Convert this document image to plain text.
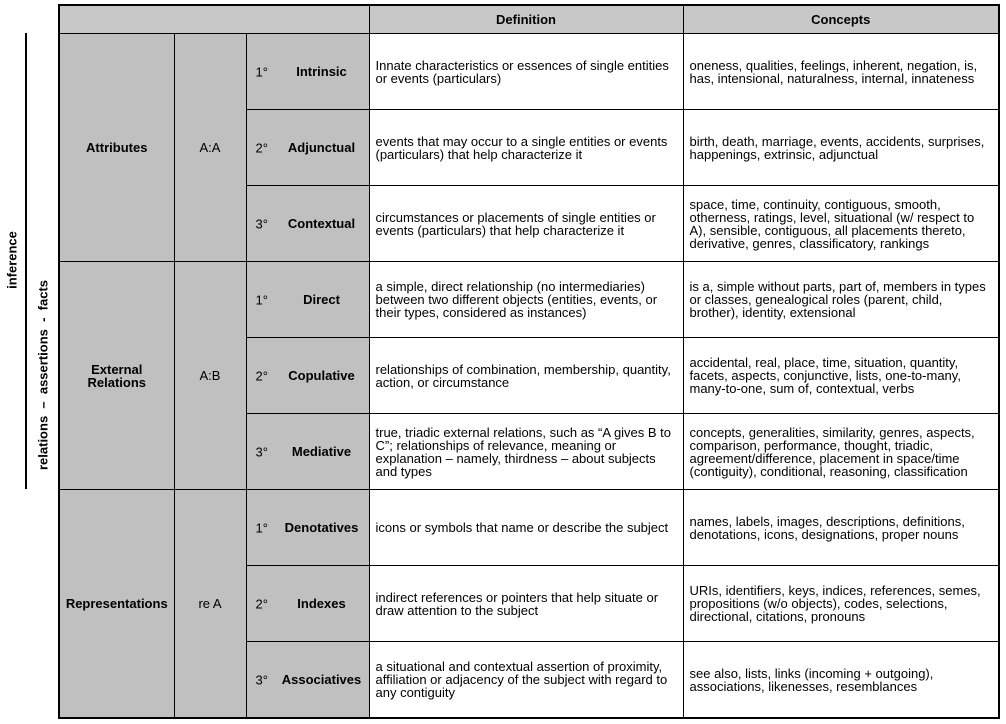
inference
relations  –  assertions  -  facts
			Definition	Concepts
Attributes	A:A	1° Intrinsic	Innate characteristics or essences of single entities or events (particulars)	oneness, qualities, feelings, inherent, negation, is, has, intensional, naturalness, internal, innateness

		2° Adjunctual	events that may occur to a single entities or events (particulars) that help characterize it	birth, death, marriage, events, accidents, surprises, happenings, extrinsic, adjunctual

		3° Contextual	circumstances or placements of single entities or events (particulars) that help characterize it	space, time, continuity, contiguous, smooth, otherness, ratings, level, situational (w/ respect to A), sensible, contiguous, all placements thereto, derivative, genres, classificatory, rankings
External Relations	A:B	1° Direct	a simple, direct relationship (no intermediaries) between two different objects (entities, events, or their types, considered as instances)	is a, simple without parts, part of, members in types or classes, genealogical roles (parent, child, brother), identity, extensional

		2° Copulative	relationships of combination, membership, quantity, action, or circumstance	accidental, real, place, time, situation, quantity, facets, aspects, conjunctive, lists, one-to-many, many-to-one, sum of, contextual, verbs

		3° Mediative	true, triadic external relations, such as “A gives B to C”; relationships of relevance, meaning or explanation – namely, thirdness – about subjects and types	concepts, generalities, similarity, genres, aspects, comparison, performance, thought, triadic, agreement/difference, placement in space/time (contiguity), conditional, reasoning, classification
Representations	re A	1° Denotatives	icons or symbols that name or describe the subject	names, labels, images, descriptions, definitions, denotations, icons, designations, proper nouns

		2° Indexes	indirect references or pointers that help situate or draw attention to the subject	URIs, identifiers, keys, indices, references, semes, propositions (w/o objects), codes, selections, directional, citations, pronouns

		3° Associatives	a situational and contextual assertion of proximity, affiliation or adjacency of the subject with regard to any contiguity	see also, lists, links (incoming + outgoing), associations, likenesses, resemblances
